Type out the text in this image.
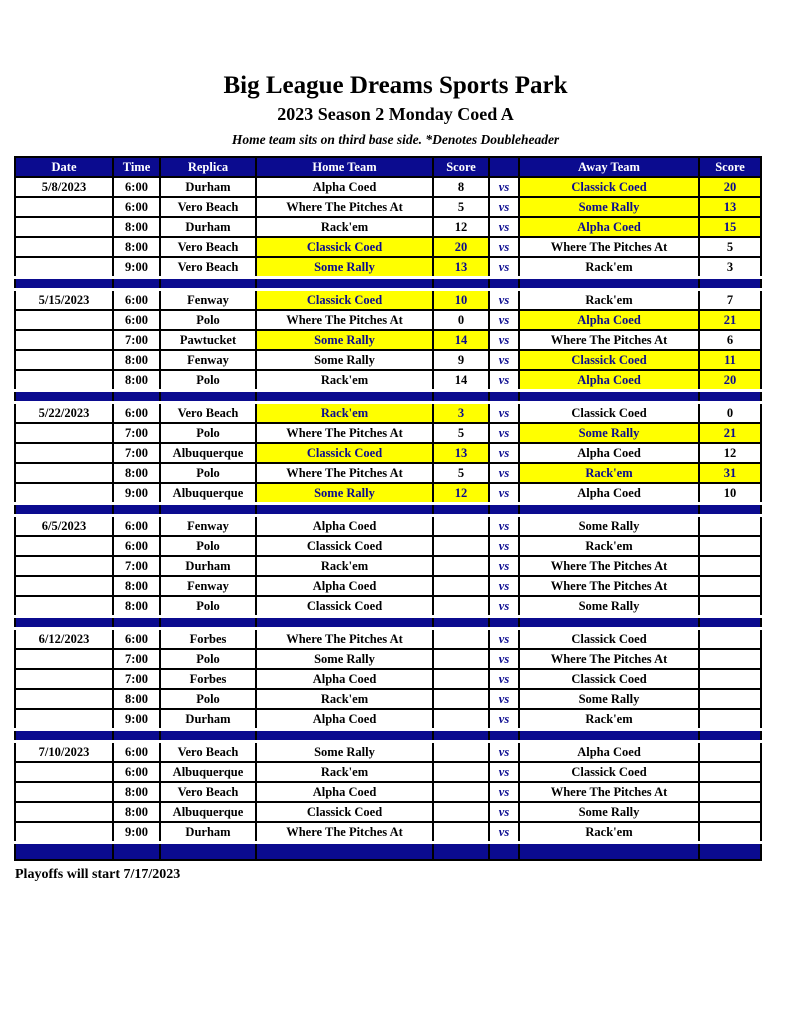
Big League Dreams Sports Park
2023 Season 2 Monday Coed A
Home team sits on third base side. *Denotes Doubleheader
Date	Time	Replica	Home Team	Score		Away Team	Score
5/8/2023	6:00	Durham	Alpha Coed	8	vs	Classick Coed	20
	6:00	Vero Beach	Where The Pitches At	5	vs	Some Rally	13
	8:00	Durham	Rack'em	12	vs	Alpha Coed	15
	8:00	Vero Beach	Classick Coed	20	vs	Where The Pitches At	5
	9:00	Vero Beach	Some Rally	13	vs	Rack'em	3

5/15/2023	6:00	Fenway	Classick Coed	10	vs	Rack'em	7
	6:00	Polo	Where The Pitches At	0	vs	Alpha Coed	21
	7:00	Pawtucket	Some Rally	14	vs	Where The Pitches At	6
	8:00	Fenway	Some Rally	9	vs	Classick Coed	11
	8:00	Polo	Rack'em	14	vs	Alpha Coed	20

5/22/2023	6:00	Vero Beach	Rack'em	3	vs	Classick Coed	0
	7:00	Polo	Where The Pitches At	5	vs	Some Rally	21
	7:00	Albuquerque	Classick Coed	13	vs	Alpha Coed	12
	8:00	Polo	Where The Pitches At	5	vs	Rack'em	31
	9:00	Albuquerque	Some Rally	12	vs	Alpha Coed	10

6/5/2023	6:00	Fenway	Alpha Coed		vs	Some Rally	
	6:00	Polo	Classick Coed		vs	Rack'em	
	7:00	Durham	Rack'em		vs	Where The Pitches At	
	8:00	Fenway	Alpha Coed		vs	Where The Pitches At	
	8:00	Polo	Classick Coed		vs	Some Rally	

6/12/2023	6:00	Forbes	Where The Pitches At		vs	Classick Coed	
	7:00	Polo	Some Rally		vs	Where The Pitches At	
	7:00	Forbes	Alpha Coed		vs	Classick Coed	
	8:00	Polo	Rack'em		vs	Some Rally	
	9:00	Durham	Alpha Coed		vs	Rack'em	

7/10/2023	6:00	Vero Beach	Some Rally		vs	Alpha Coed	
	6:00	Albuquerque	Rack'em		vs	Classick Coed	
	8:00	Vero Beach	Alpha Coed		vs	Where The Pitches At	
	8:00	Albuquerque	Classick Coed		vs	Some Rally	
	9:00	Durham	Where The Pitches At		vs	Rack'em	

Playoffs will start 7/17/2023
